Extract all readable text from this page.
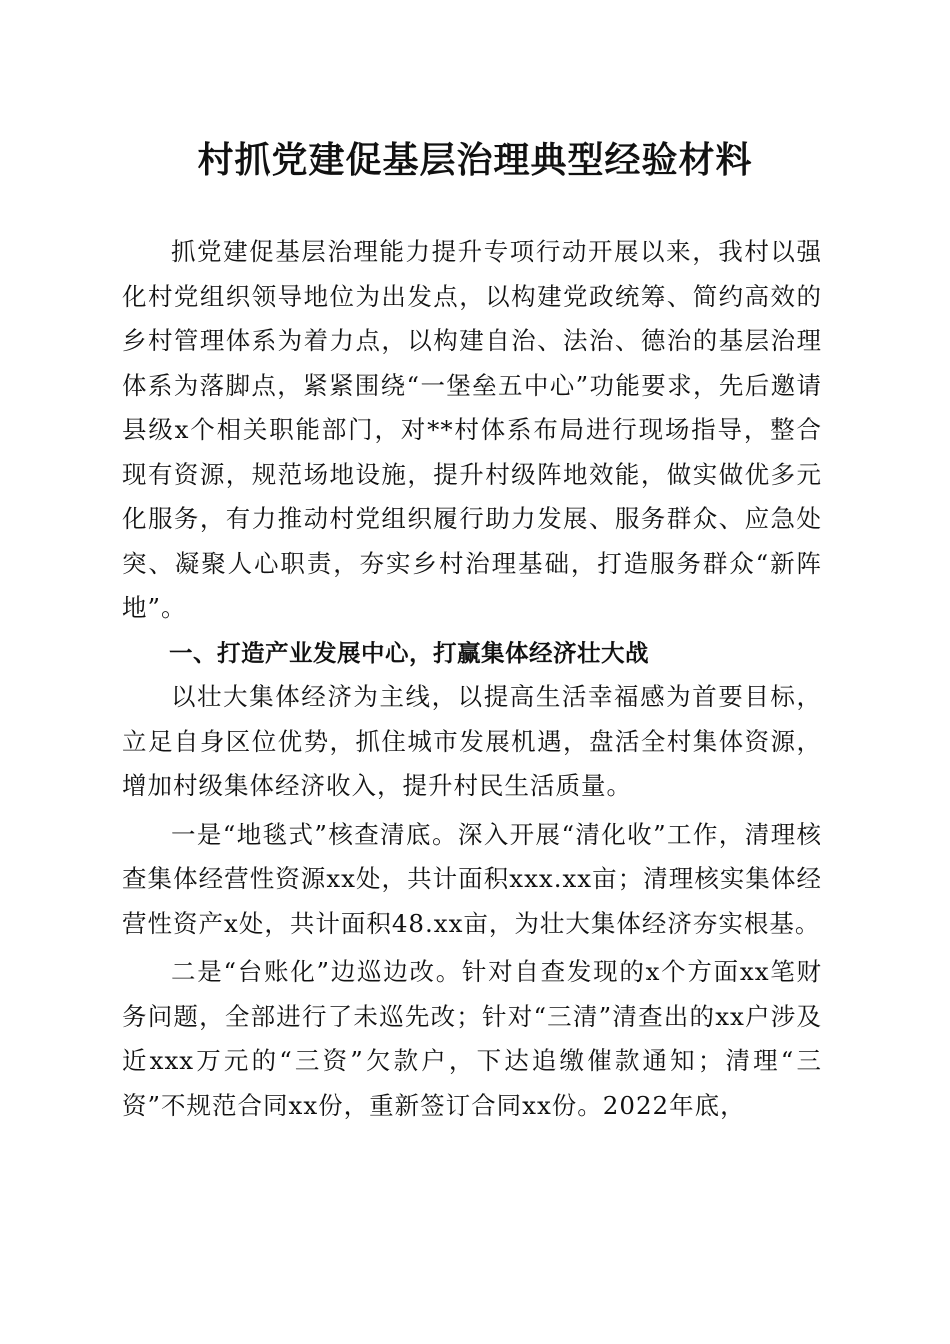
村抓党建促基层治理典型经验材料

抓党建促基层治理能力提升专项行动开展以来，我村以强化村党组织领导地位为出发点，以构建党政统筹、简约高效的乡村管理体系为着力点，以构建自治、法治、德治的基层治理体系为落脚点，紧紧围绕“一堡垒五中心”功能要求，先后邀请县级x个相关职能部门，对**村体系布局进行现场指导，整合现有资源，规范场地设施，提升村级阵地效能，做实做优多元化服务，有力推动村党组织履行助力发展、服务群众、应急处突、凝聚人心职责，夯实乡村治理基础，打造服务群众“新阵地”。

一、打造产业发展中心，打赢集体经济壮大战

以壮大集体经济为主线，以提高生活幸福感为首要目标，立足自身区位优势，抓住城市发展机遇，盘活全村集体资源，增加村级集体经济收入，提升村民生活质量。

一是“地毯式”核查清底。深入开展“清化收”工作，清理核查集体经营性资源xx处，共计面积xxx.xx亩；清理核实集体经营性资产x处，共计面积48.xx亩，为壮大集体经济夯实根基。

二是“台账化”边巡边改。针对自查发现的x个方面xx笔财务问题，全部进行了未巡先改；针对“三清”清查出的xx户涉及近xxx万元的“三资”欠款户，下达追缴催款通知；清理“三资”不规范合同xx份，重新签订合同xx份。2022年底，
